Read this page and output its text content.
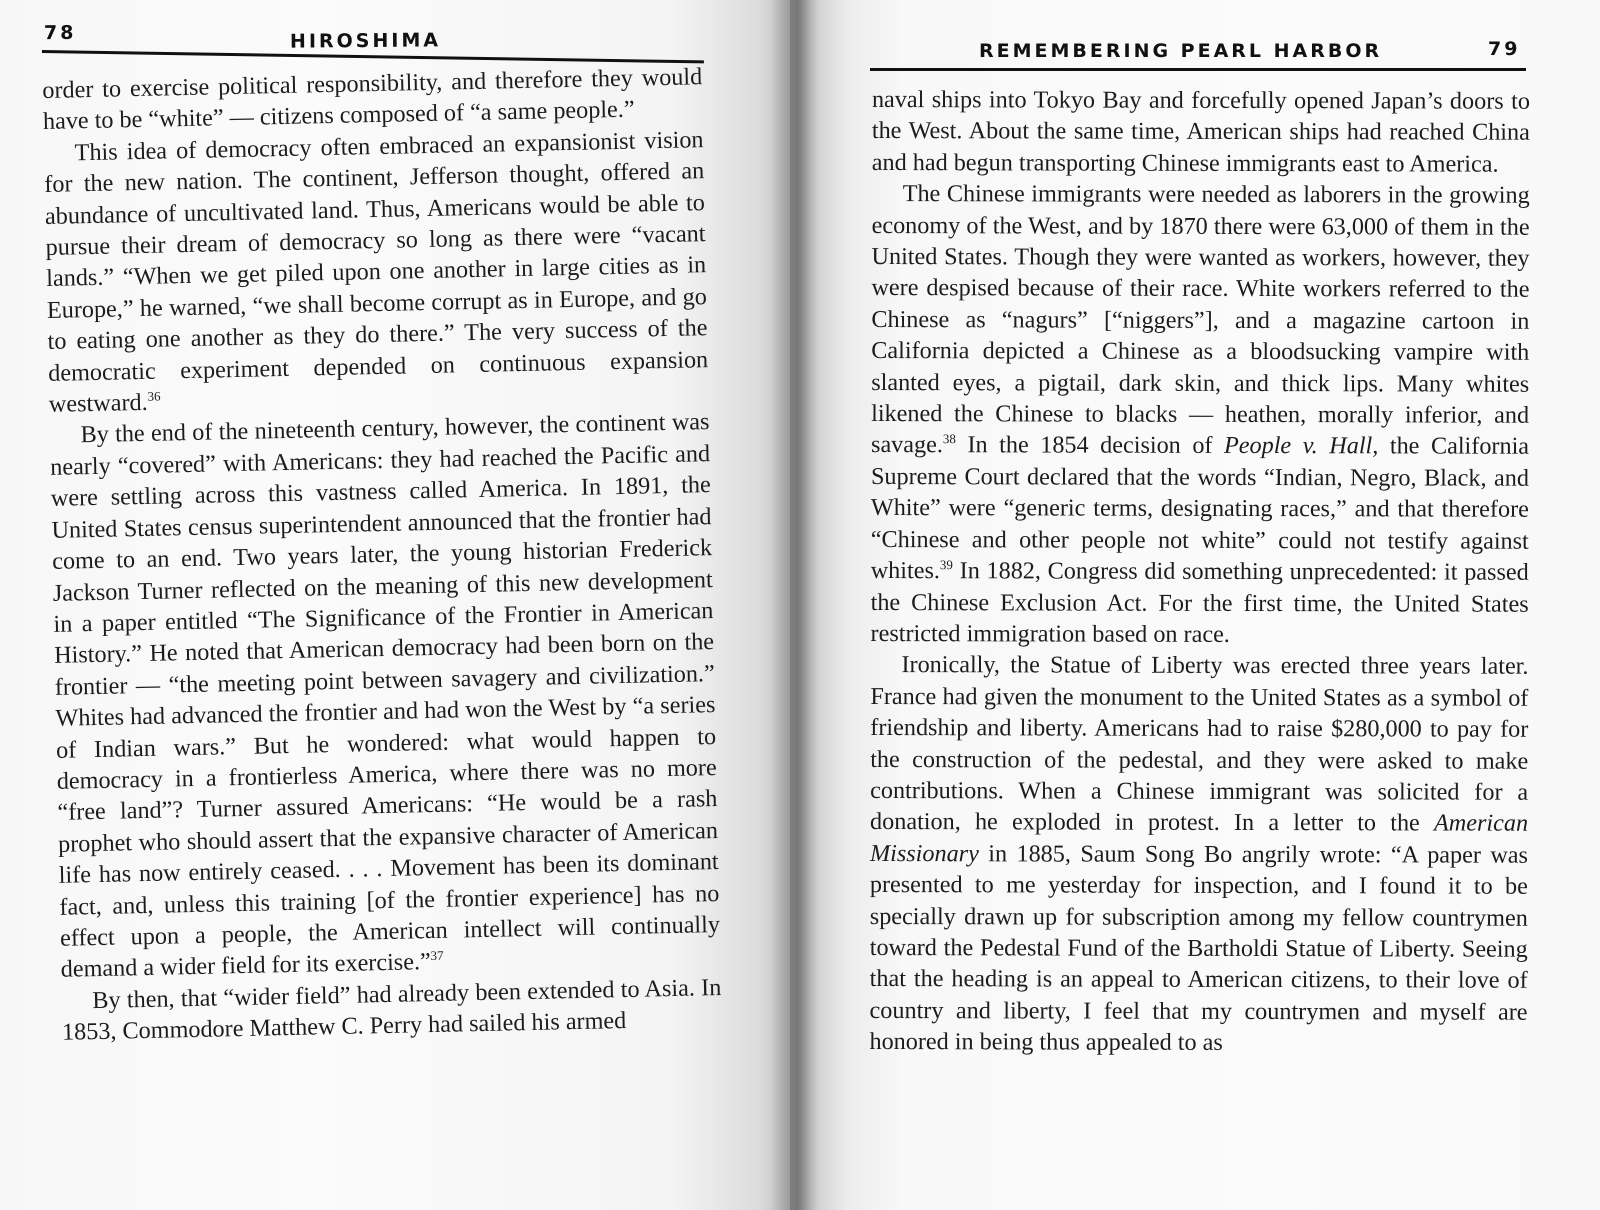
78	HIROSHIMA

order to exercise political responsibility, and therefore they would have to be “white” — citizens composed of “a same people.”

This idea of democracy often embraced an expansionist vision for the new nation. The continent, Jefferson thought, offered an abundance of uncultivated land. Thus, Americans would be able to pursue their dream of democracy so long as there were “vacant lands.” “When we get piled upon one another in large cities as in Europe,” he warned, “we shall become corrupt as in Europe, and go to eating one another as they do there.” The very success of the democratic experiment depended on continuous expansion westward.$^{36}$

By the end of the nineteenth century, however, the continent was nearly “covered” with Americans: they had reached the Pacific and were settling across this vastness called America. In 1891, the United States census superintendent announced that the frontier had come to an end. Two years later, the young historian Frederick Jackson Turner reflected on the meaning of this new development in a paper entitled “The Significance of the Frontier in American History.” He noted that American democracy had been born on the frontier — “the meeting point between savagery and civilization.” Whites had advanced the frontier and had won the West by “a series of Indian wars.” But he wondered: what would happen to democracy in a frontierless America, where there was no more “free land”? Turner assured Americans: “He would be a rash prophet who should assert that the expansive character of American life has now entirely ceased. . . . Movement has been its dominant fact, and, unless this training [of the frontier experience] has no effect upon a people, the American intellect will continually demand a wider field for its exercise.”$^{37}$

By then, that “wider field” had already been extended to Asia. In 1853, Commodore Matthew C. Perry had sailed his armed

REMEMBERING PEARL HARBOR	79

naval ships into Tokyo Bay and forcefully opened Japan’s doors to the West. About the same time, American ships had reached China and had begun transporting Chinese immigrants east to America.

The Chinese immigrants were needed as laborers in the growing economy of the West, and by 1870 there were 63,000 of them in the United States. Though they were wanted as workers, however, they were despised because of their race. White workers referred to the Chinese as “nagurs” [“niggers”], and a magazine cartoon in California depicted a Chinese as a bloodsucking vampire with slanted eyes, a pigtail, dark skin, and thick lips. Many whites likened the Chinese to blacks — heathen, morally inferior, and savage.$^{38}$ In the 1854 decision of People v. Hall, the California Supreme Court declared that the words “Indian, Negro, Black, and White” were “generic terms, designating races,” and that therefore “Chinese and other people not white” could not testify against whites.$^{39}$ In 1882, Congress did something unprecedented: it passed the Chinese Exclusion Act. For the first time, the United States restricted immigration based on race.

Ironically, the Statue of Liberty was erected three years later. France had given the monument to the United States as a symbol of friendship and liberty. Americans had to raise $280,000 to pay for the construction of the pedestal, and they were asked to make contributions. When a Chinese immigrant was solicited for a donation, he exploded in protest. In a letter to the American Missionary in 1885, Saum Song Bo angrily wrote: “A paper was presented to me yesterday for inspection, and I found it to be specially drawn up for subscription among my fellow countrymen toward the Pedestal Fund of the Bartholdi Statue of Liberty. Seeing that the heading is an appeal to American citizens, to their love of country and liberty, I feel that my countrymen and myself are honored in being thus appealed to as
